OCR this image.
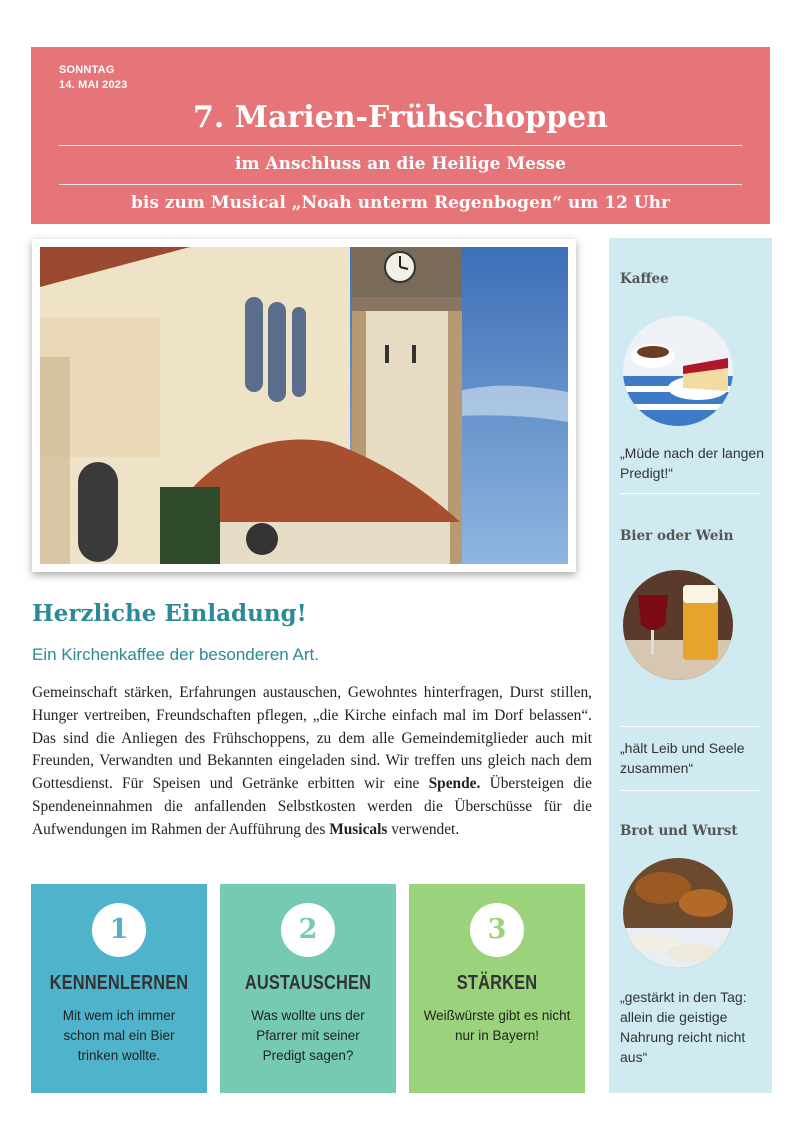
SONNTAG
14. MAI 2023
7. Marien-Frühschoppen
im Anschluss an die Heilige Messe
bis zum Musical „Noah unterm Regenbogen“ um 12 Uhr
Herzliche Einladung!
Ein Kirchenkaffee der besonderen Art.
Gemeinschaft stärken, Erfahrungen austauschen, Gewohntes hinterfragen, Durst stillen, Hunger vertreiben, Freundschaften pflegen, „die Kirche einfach mal im Dorf belassen“. Das sind die Anliegen des Frühschoppens, zu dem alle Gemeindemitglieder auch mit Freunden, Verwandten und Bekannten eingeladen sind. Wir treffen uns gleich nach dem Gottesdienst. Für Speisen und Getränke erbitten wir eine Spende. Übersteigen die Spendeneinnahmen die anfallenden Selbstkosten werden die Überschüsse für die Aufwendungen im Rahmen der Aufführung des Musicals verwendet.
1
KENNENLERNEN
Mit wem ich immer schon mal ein Bier trinken wollte.
2
AUSTAUSCHEN
Was wollte uns der Pfarrer mit seiner Predigt sagen?
3
STÄRKEN
Weißwürste gibt es nicht nur in Bayern!
Kaffee
„Müde nach der langen Predigt!“
Bier oder Wein
„hält Leib und Seele zusammen“
Brot und Wurst
„gestärkt in den Tag: allein die geistige Nahrung reicht nicht aus“
